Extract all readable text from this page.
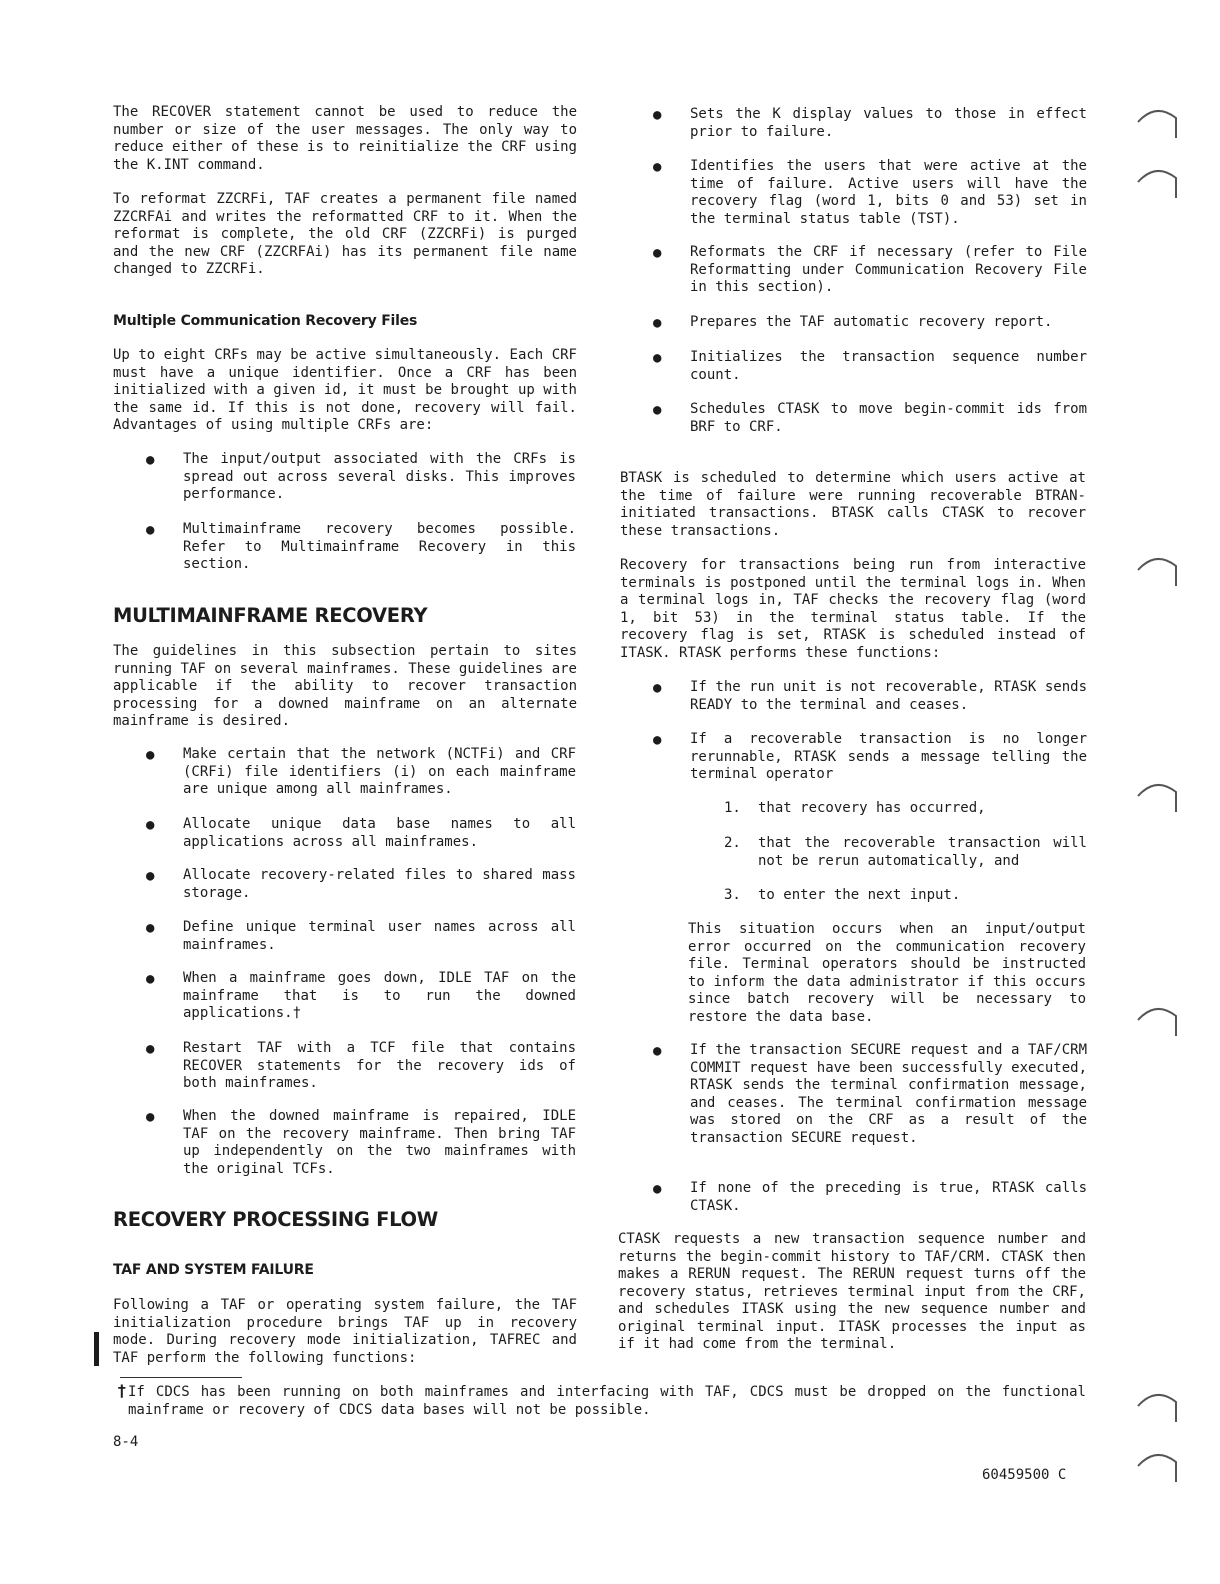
The RECOVER statement cannot be used to reduce the number or size of the user messages. The only way to reduce either of these is to reinitialize the CRF using the K.INT command.

To reformat ZZCRFi, TAF creates a permanent file named ZZCRFAi and writes the reformatted CRF to it. When the reformat is complete, the old CRF (ZZCRFi) is purged and the new CRF (ZZCRFAi) has its permanent file name changed to ZZCRFi.

Multiple Communication Recovery Files

Up to eight CRFs may be active simultaneously. Each CRF must have a unique identifier. Once a CRF has been initialized with a given id, it must be brought up with the same id. If this is not done, recovery will fail. Advantages of using multiple CRFs are:

● The input/output associated with the CRFs is spread out across several disks. This improves performance.

● Multimainframe recovery becomes possible. Refer to Multimainframe Recovery in this section.

MULTIMAINFRAME RECOVERY

The guidelines in this subsection pertain to sites running TAF on several mainframes. These guidelines are applicable if the ability to recover transaction processing for a downed mainframe on an alternate mainframe is desired.

● Make certain that the network (NCTFi) and CRF (CRFi) file identifiers (i) on each mainframe are unique among all mainframes.

● Allocate unique data base names to all applications across all mainframes.

● Allocate recovery-related files to shared mass storage.

● Define unique terminal user names across all mainframes.

● When a mainframe goes down, IDLE TAF on the mainframe that is to run the downed applications.†

● Restart TAF with a TCF file that contains RECOVER statements for the recovery ids of both mainframes.

● When the downed mainframe is repaired, IDLE TAF on the recovery mainframe. Then bring TAF up independently on the two mainframes with the original TCFs.

RECOVERY PROCESSING FLOW
TAF AND SYSTEM FAILURE

Following a TAF or operating system failure, the TAF initialization procedure brings TAF up in recovery mode. During recovery mode initialization, TAFREC and TAF perform the following functions:

● Sets the K display values to those in effect prior to failure.

● Identifies the users that were active at the time of failure. Active users will have the recovery flag (word 1, bits 0 and 53) set in the terminal status table (TST).

● Reformats the CRF if necessary (refer to File Reformatting under Communication Recovery File in this section).

● Prepares the TAF automatic recovery report.

● Initializes the transaction sequence number count.

● Schedules CTASK to move begin-commit ids from BRF to CRF.

BTASK is scheduled to determine which users active at the time of failure were running recoverable BTRAN-initiated transactions. BTASK calls CTASK to recover these transactions.

Recovery for transactions being run from interactive terminals is postponed until the terminal logs in. When a terminal logs in, TAF checks the recovery flag (word 1, bit 53) in the terminal status table. If the recovery flag is set, RTASK is scheduled instead of ITASK. RTASK performs these functions:

● If the run unit is not recoverable, RTASK sends READY to the terminal and ceases.

● If a recoverable transaction is no longer rerunnable, RTASK sends a message telling the terminal operator

1. that recovery has occurred,

2. that the recoverable transaction will not be rerun automatically, and

3. to enter the next input.

This situation occurs when an input/output error occurred on the communication recovery file. Terminal operators should be instructed to inform the data administrator if this occurs since batch recovery will be necessary to restore the data base.

● If the transaction SECURE request and a TAF/CRM COMMIT request have been successfully executed, RTASK sends the terminal confirmation message, and ceases. The terminal confirmation message was stored on the CRF as a result of the transaction SECURE request.

● If none of the preceding is true, RTASK calls CTASK.

CTASK requests a new transaction sequence number and returns the begin-commit history to TAF/CRM. CTASK then makes a RERUN request. The RERUN request turns off the recovery status, retrieves terminal input from the CRF, and schedules ITASK using the new sequence number and original terminal input. ITASK processes the input as if it had come from the terminal.

† If CDCS has been running on both mainframes and interfacing with TAF, CDCS must be dropped on the functional mainframe or recovery of CDCS data bases will not be possible.

8-4
60459500 C
